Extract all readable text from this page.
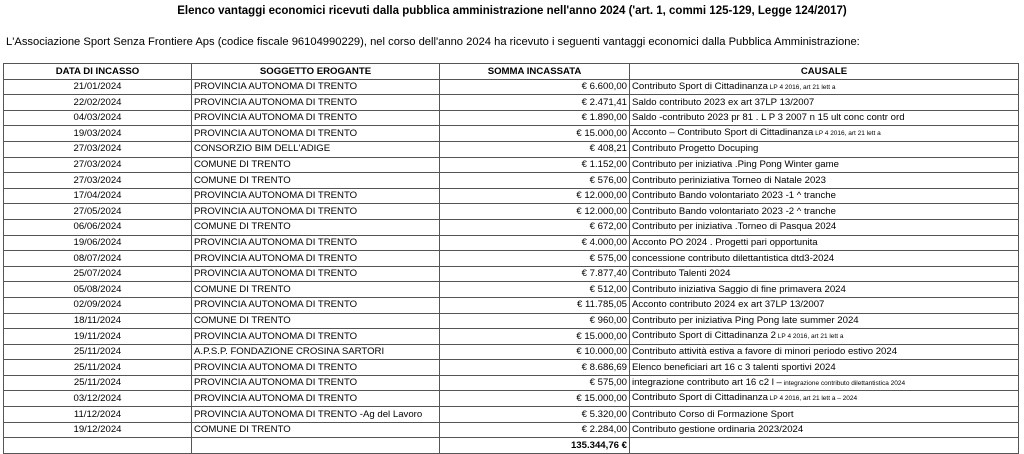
Elenco vantaggi economici ricevuti dalla pubblica amministrazione nell'anno 2024 ('art. 1, commi 125-129, Legge 124/2017)
L'Associazione Sport Senza Frontiere Aps (codice fiscale 96104990229), nel corso dell'anno 2024 ha ricevuto i seguenti vantaggi economici dalla Pubblica Amministrazione:
DATA DI INCASSO	SOGGETTO EROGANTE	SOMMA INCASSATA	CAUSALE
21/01/2024	PROVINCIA AUTONOMA DI TRENTO	€ 6.600,00	Contributo Sport di Cittadinanza LP 4 2016, art 21 lett a
22/02/2024	PROVINCIA AUTONOMA DI TRENTO	€ 2.471,41	Saldo contributo 2023 ex art 37LP 13/2007
04/03/2024	PROVINCIA AUTONOMA DI TRENTO	€ 1.890,00	Saldo -contributo 2023 pr 81 . L P 3 2007 n 15 ult conc contr ord
19/03/2024	PROVINCIA AUTONOMA DI TRENTO	€ 15.000,00	Acconto – Contributo Sport di Cittadinanza LP 4 2016, art 21 lett a
27/03/2024	CONSORZIO BIM DELL'ADIGE	€ 408,21	Contributo Progetto Docuping
27/03/2024	COMUNE DI TRENTO	€ 1.152,00	Contributo per iniziativa .Ping Pong Winter game
27/03/2024	COMUNE DI TRENTO	€ 576,00	Contributo periniziativa Torneo di Natale 2023
17/04/2024	PROVINCIA AUTONOMA DI TRENTO	€ 12.000,00	Contributo Bando volontariato 2023 -1 ^ tranche
27/05/2024	PROVINCIA AUTONOMA DI TRENTO	€ 12.000,00	Contributo Bando volontariato 2023 -2 ^ tranche
06/06/2024	COMUNE DI TRENTO	€ 672,00	Contributo per iniziativa .Torneo di Pasqua 2024
19/06/2024	PROVINCIA AUTONOMA DI TRENTO	€ 4.000,00	Acconto PO 2024 . Progetti pari opportunita
08/07/2024	PROVINCIA AUTONOMA DI TRENTO	€ 575,00	concessione contributo dilettantistica dtd3-2024
25/07/2024	PROVINCIA AUTONOMA DI TRENTO	€ 7.877,40	Contributo Talenti 2024
05/08/2024	COMUNE DI TRENTO	€ 512,00	Contributo iniziativa Saggio di fine primavera 2024
02/09/2024	PROVINCIA AUTONOMA DI TRENTO	€ 11.785,05	Acconto contributo 2024 ex art 37LP 13/2007
18/11/2024	COMUNE DI TRENTO	€ 960,00	Contributo per iniziativa Ping Pong late summer 2024
19/11/2024	PROVINCIA AUTONOMA DI TRENTO	€ 15.000,00	Contributo Sport di Cittadinanza 2 LP 4 2016, art 21 lett a
25/11/2024	A.P.S.P. FONDAZIONE CROSINA SARTORI	€ 10.000,00	Contributo attività estiva a favore di minori periodo estivo 2024
25/11/2024	PROVINCIA AUTONOMA DI TRENTO	€ 8.686,69	Elenco beneficiari art 16 c 3 talenti sportivi 2024
25/11/2024	PROVINCIA AUTONOMA DI TRENTO	€ 575,00	integrazione contributo art 16 c2 l – integrazione contributo dilettantistica 2024
03/12/2024	PROVINCIA AUTONOMA DI TRENTO	€ 15.000,00	Contributo Sport di Cittadinanza LP 4 2016, art 21 lett a – 2024
11/12/2024	PROVINCIA AUTONOMA DI TRENTO -Ag del Lavoro	€ 5.320,00	Contributo Corso di Formazione Sport
19/12/2024	COMUNE DI TRENTO	€ 2.284,00	Contributo gestione ordinaria 2023/2024
		135.344,76 €	
